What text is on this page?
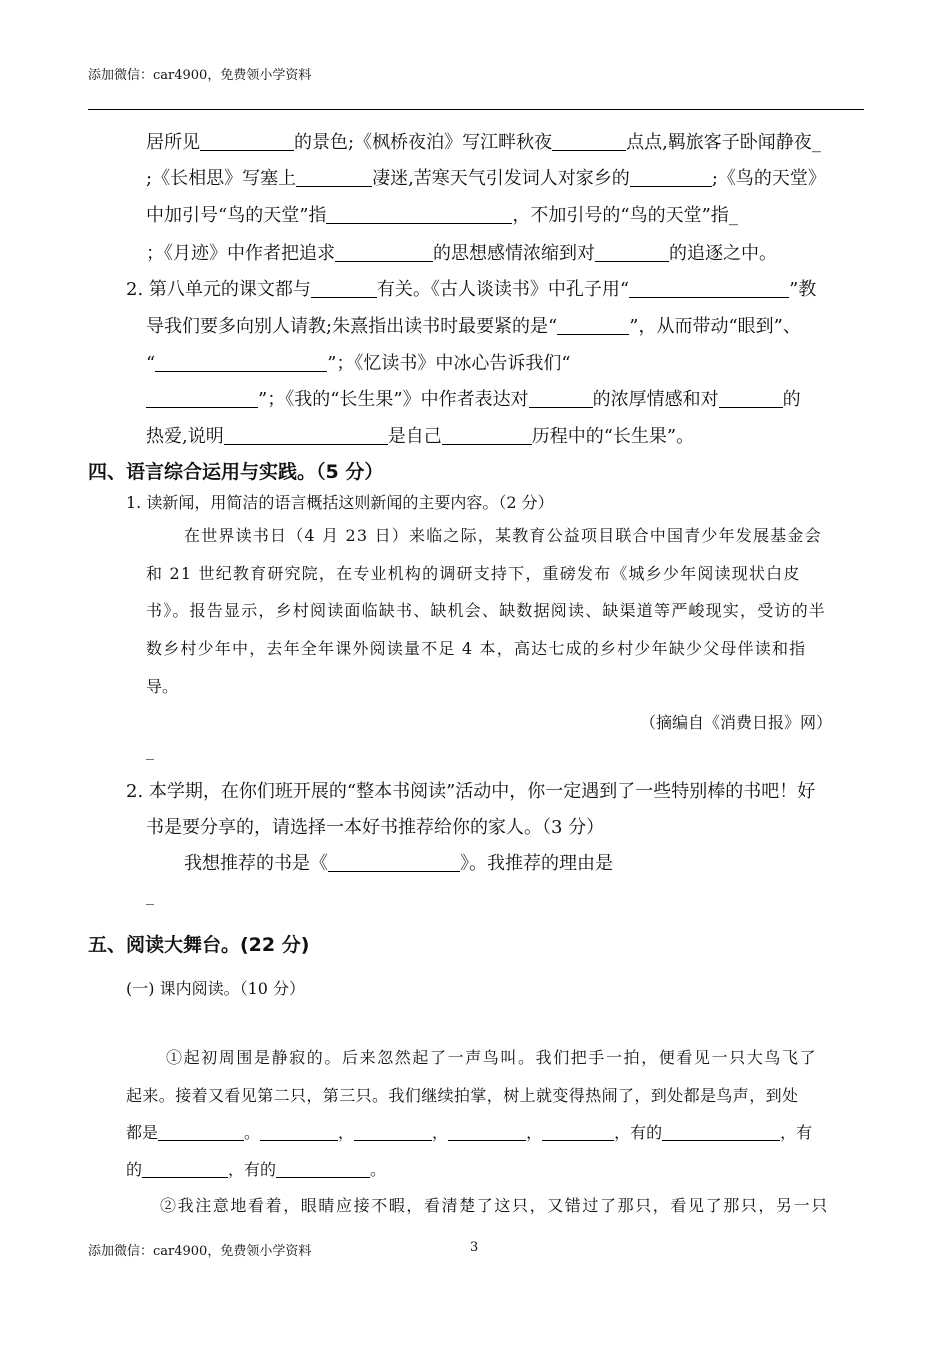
添加微信：car4900，免费领小学资料
居所见	的景色;《枫桥夜泊》写江畔秋夜	点点,羁旅客子卧闻静夜_
;《长相思》写塞上	凄迷,苦寒天气引发词人对家乡的	;《鸟的天堂》
中加引号“鸟的天堂”指	，不加引号的“鸟的天堂”指_
；《月迹》中作者把追求	的思想感情浓缩到对	的追逐之中。
2. 第八单元的课文都与	有关。《古人谈读书》中孔子用“	”教
导我们要多向别人请教;朱熹指出读书时最要紧的是“	”，从而带动“眼到”、
“	”；《忆读书》中冰心告诉我们“
”；《我的“长生果”》中作者表达对	的浓厚情感和对	的
热爱,说明	是自己	历程中的“长生果”。
四、语言综合运用与实践。（5 分）
1. 读新闻，用简洁的语言概括这则新闻的主要内容。（2 分）
在世界读书日（4 月 23 日）来临之际，某教育公益项目联合中国青少年发展基金会
和 21 世纪教育研究院，在专业机构的调研支持下，重磅发布《城乡少年阅读现状白皮
书》。报告显示，乡村阅读面临缺书、缺机会、缺数据阅读、缺渠道等严峻现实，受访的半
数乡村少年中，去年全年课外阅读量不足 4 本，高达七成的乡村少年缺少父母伴读和指
导。
（摘编自《消费日报》网）
_
2. 本学期，在你们班开展的“整本书阅读”活动中，你一定遇到了一些特别棒的书吧！好
书是要分享的，请选择一本好书推荐给你的家人。（3 分）
我想推荐的书是《	》。我推荐的理由是
_
五、阅读大舞台。(22 分)
(一) 课内阅读。（10 分）
①起初周围是静寂的。后来忽然起了一声鸟叫。我们把手一拍，便看见一只大鸟飞了
起来。接着又看见第二只，第三只。我们继续拍掌，树上就变得热闹了，到处都是鸟声，到处
都是	。	，	，	，	，有的	，有
的	，有的	。
②我注意地看着，眼睛应接不暇，看清楚了这只，又错过了那只，看见了那只，另一只
添加微信：car4900，免费领小学资料	3
